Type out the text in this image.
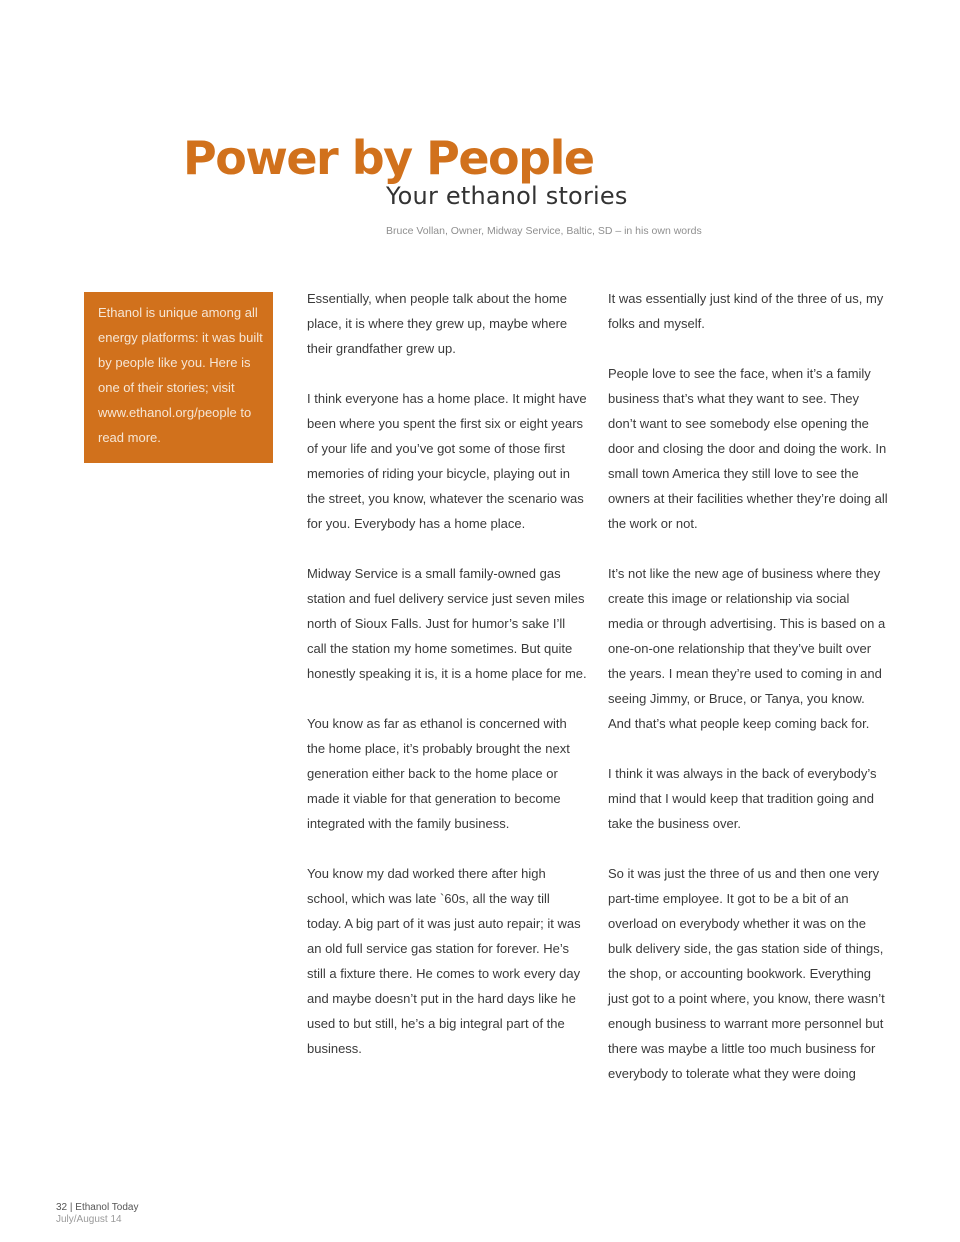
Power by People
Your ethanol stories

Bruce Vollan, Owner, Midway Service, Baltic, SD – in his own words

Ethanol is unique among all energy platforms: it was built by people like you. Here is one of their stories; visit www.ethanol.org/people to read more.

Essentially, when people talk about the home place, it is where they grew up, maybe where their grandfather grew up.

I think everyone has a home place. It might have been where you spent the first six or eight years of your life and you’ve got some of those first memories of riding your bicycle, playing out in the street, you know, whatever the scenario was for you. Everybody has a home place.

Midway Service is a small family-owned gas station and fuel delivery service just seven miles north of Sioux Falls. Just for humor’s sake I’ll call the station my home sometimes. But quite honestly speaking it is, it is a home place for me.

You know as far as ethanol is concerned with the home place, it’s probably brought the next generation either back to the home place or made it viable for that generation to become integrated with the family business.

You know my dad worked there after high school, which was late `60s, all the way till today. A big part of it was just auto repair; it was an old full service gas station for forever. He’s still a fixture there. He comes to work every day and maybe doesn’t put in the hard days like he used to but still, he’s a big integral part of the business.

It was essentially just kind of the three of us, my folks and myself.

People love to see the face, when it’s a family business that’s what they want to see. They don’t want to see somebody else opening the door and closing the door and doing the work. In small town America they still love to see the owners at their facilities whether they’re doing all the work or not.

It’s not like the new age of business where they create this image or relationship via social media or through advertising. This is based on a one-on-one relationship that they’ve built over the years. I mean they’re used to coming in and seeing Jimmy, or Bruce, or Tanya, you know. And that’s what people keep coming back for.

I think it was always in the back of everybody’s mind that I would keep that tradition going and take the business over.

So it was just the three of us and then one very part-time employee. It got to be a bit of an overload on everybody whether it was on the bulk delivery side, the gas station side of things, the shop, or accounting bookwork. Everything just got to a point where, you know, there wasn’t enough business to warrant more personnel but there was maybe a little too much business for everybody to tolerate what they were doing

32 | Ethanol Today
July/August 14
